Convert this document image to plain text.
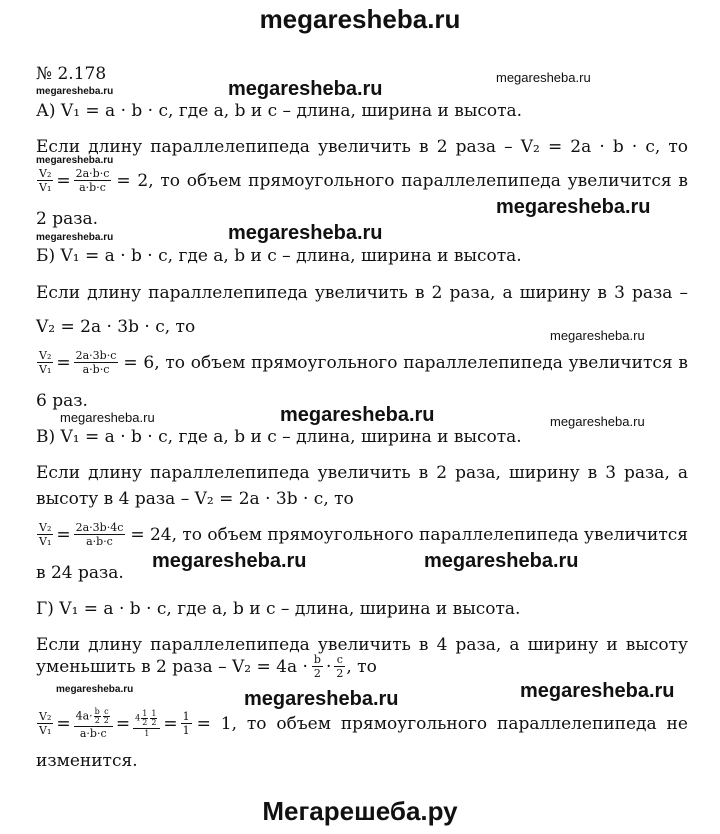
megaresheba.ru
megaresheba.ru	megaresheba.ru
megaresheba.ru
megaresheba.ru
megaresheba.ru
megaresheba.ru	megaresheba.ru
megaresheba.ru
megaresheba.ru	megaresheba.ru	megaresheba.ru
megaresheba.ru	megaresheba.ru
megaresheba.ru	megaresheba.ru	megaresheba.ru
№ 2.178
А) V₁ = a · b · c, где a, b и c – длина, ширина и высота.
Если длину параллелепипеда увеличить в 2 раза – V₂ = 2a · b · c, то
$\frac{\text{V₂}}{\text{V₁}} = \frac{2a\cdot b\cdot c}{a\cdot b\cdot c} = 2$, то объем прямоугольного параллелепипеда увеличится в
2 раза.
Б) V₁ = a · b · c, где a, b и c – длина, ширина и высота.
Если длину параллелепипеда увеличить в 2 раза, а ширину в 3 раза –
V₂ = 2a · 3b · c, то
$\frac{\text{V₂}}{\text{V₁}} = \frac{2a\cdot 3b\cdot c}{a\cdot b\cdot c} = 6$, то объем прямоугольного параллелепипеда увеличится в
6 раз.
В) V₁ = a · b · c, где a, b и c – длина, ширина и высота.
Если длину параллелепипеда увеличить в 2 раза, ширину в 3 раза, а
высоту в 4 раза – V₂ = 2a · 3b · c, то
$\frac{\text{V₂}}{\text{V₁}} = \frac{2a\cdot 3b\cdot 4c}{a\cdot b\cdot c} = 24$, то объем прямоугольного параллелепипеда увеличится
в 24 раза.
Г) V₁ = a · b · c, где a, b и c – длина, ширина и высота.
Если длину параллелепипеда увеличить в 4 раза, а ширину и высоту
уменьшить в 2 раза – $V_2 = 4a \cdot \frac{b}{2} \cdot \frac{c}{2}$ , то
$\frac{\text{V₂}}{\text{V₁}} = \frac{4a\cdot \frac{b}{2} \frac{c}{2}}{a\cdot b\cdot c} = \frac{4 \frac{1}{2} \frac{1}{2}}{1} = \frac{1}{1} = 1$, то объем прямоугольного параллелепипеда не
изменится.
Мегарешеба.ру
